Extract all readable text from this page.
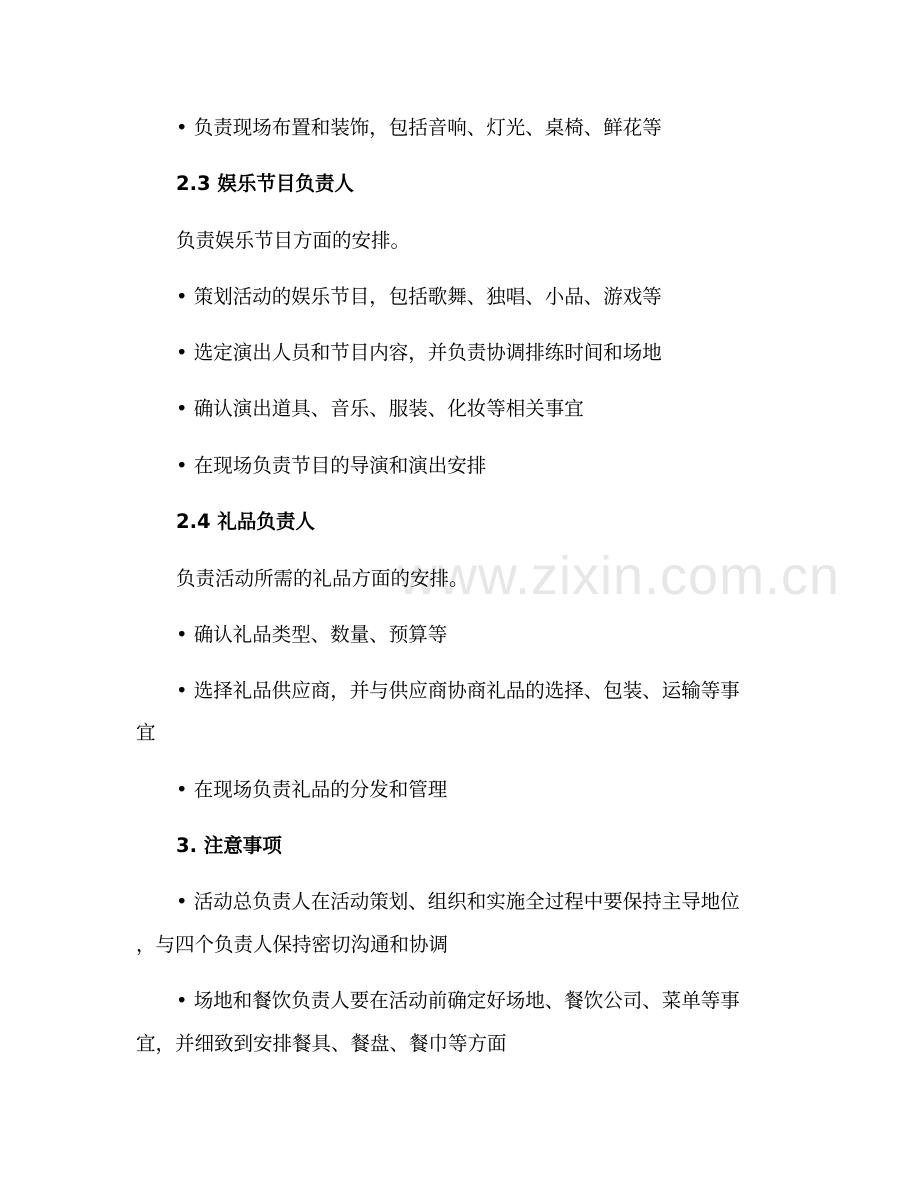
www.zixin.com.cn

• 负责现场布置和装饰，包括音响、灯光、桌椅、鲜花等

2.3 娱乐节目负责人

负责娱乐节目方面的安排。

• 策划活动的娱乐节目，包括歌舞、独唱、小品、游戏等

• 选定演出人员和节目内容，并负责协调排练时间和场地

• 确认演出道具、音乐、服装、化妆等相关事宜

• 在现场负责节目的导演和演出安排

2.4 礼品负责人

负责活动所需的礼品方面的安排。

• 确认礼品类型、数量、预算等

• 选择礼品供应商，并与供应商协商礼品的选择、包装、运输等事

宜

• 在现场负责礼品的分发和管理

3. 注意事项

• 活动总负责人在活动策划、组织和实施全过程中要保持主导地位

，与四个负责人保持密切沟通和协调

• 场地和餐饮负责人要在活动前确定好场地、餐饮公司、菜单等事

宜，并细致到安排餐具、餐盘、餐巾等方面
